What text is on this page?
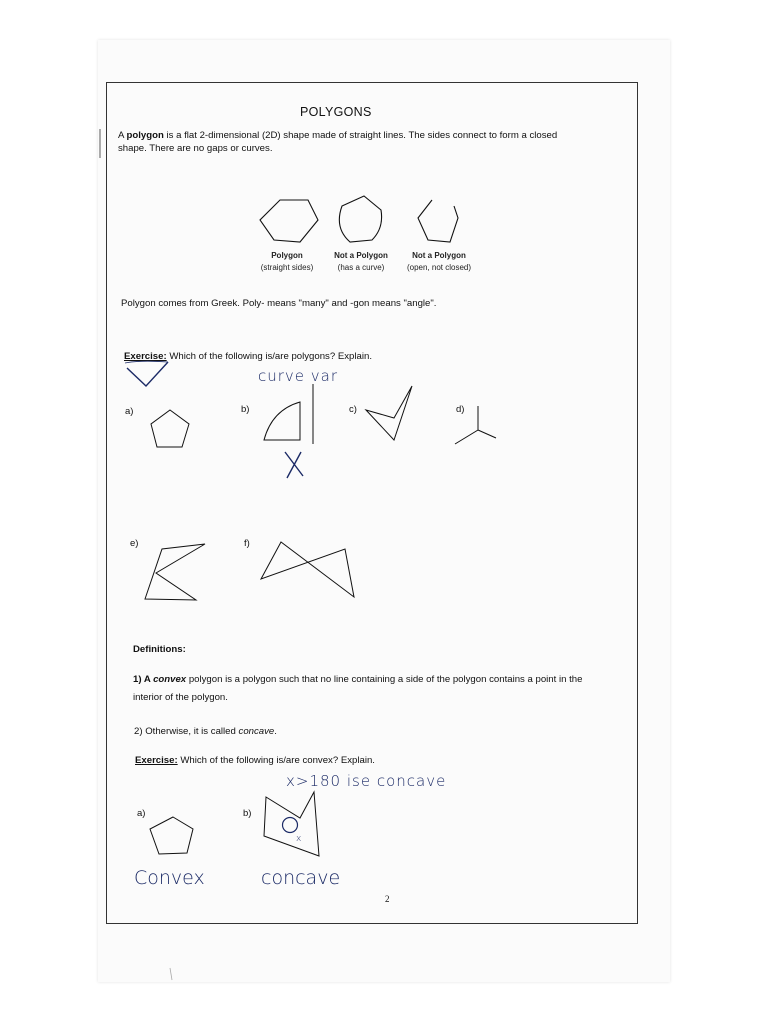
POLYGONS
A polygon is a flat 2-dimensional (2D) shape made of straight lines. The sides connect to form a closed
shape. There are no gaps or curves.
Polygon
(straight sides)
Not a Polygon
(has a curve)
Not a Polygon
(open, not closed)
Polygon comes from Greek. Poly- means "many" and -gon means "angle".
Exercise: Which of the following is/are polygons? Explain.
a)	b)	c)	d)
e)	f)
Definitions:
1) A convex polygon is a polygon such that no line containing a side of the polygon contains a point in the
interior of the polygon.
2) Otherwise, it is called concave.
Exercise: Which of the following is/are convex? Explain.
a)	b)
curve var
x>180 ise concave
Convex	concave
x
2
